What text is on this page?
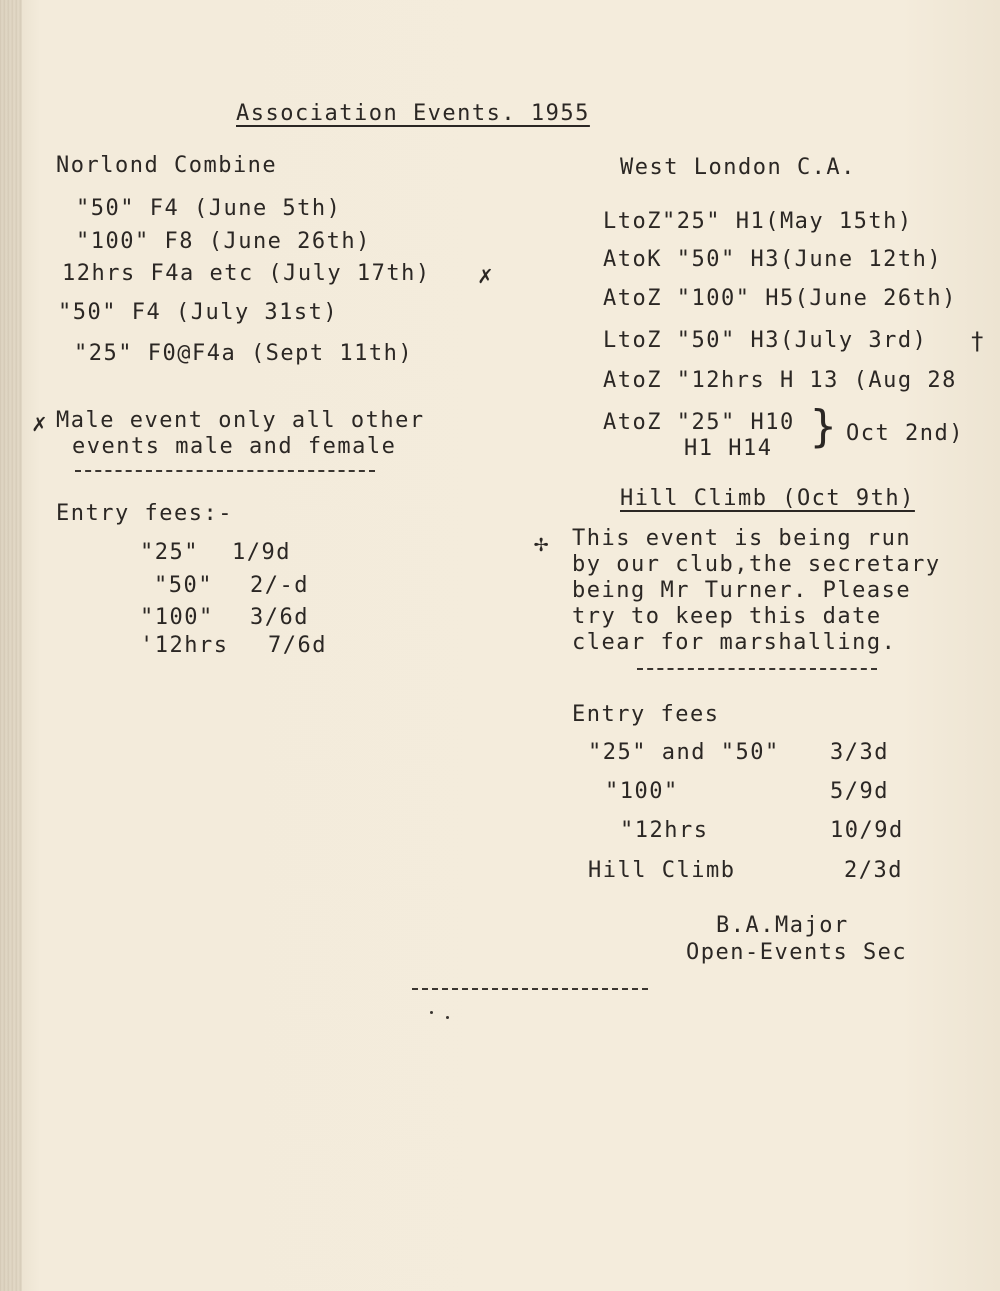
Association Events. 1955
Norlond Combine
"50" F4 (June 5th)
"100" F8 (June 26th)
12hrs F4a etc (July 17th) ✗
"50" F4 (July 31st)
"25" F0@F4a (Sept 11th)
✗ Male event only all other
events male and female
Entry fees:-
"25" 1/9d
"50" 2/-d
"100" 3/6d
'12hrs 7/6d
West London C.A.
LtoZ"25" H1(May 15th)
AtoK "50" H3(June 12th)
AtoZ "100" H5(June 26th)
LtoZ "50" H3(July 3rd) †
AtoZ "12hrs H 13 (Aug 28
AtoZ "25" H10
H1 H14 } Oct 2nd)
Hill Climb (Oct 9th)
✢ This event is being run
by our club,the secretary
being Mr Turner. Please
try to keep this date
clear for marshalling.
Entry fees
"25" and "50" 3/3d
"100"	5/9d
"12hrs	10/9d
Hill Climb	2/3d
B.A.Major
Open-Events Sec
